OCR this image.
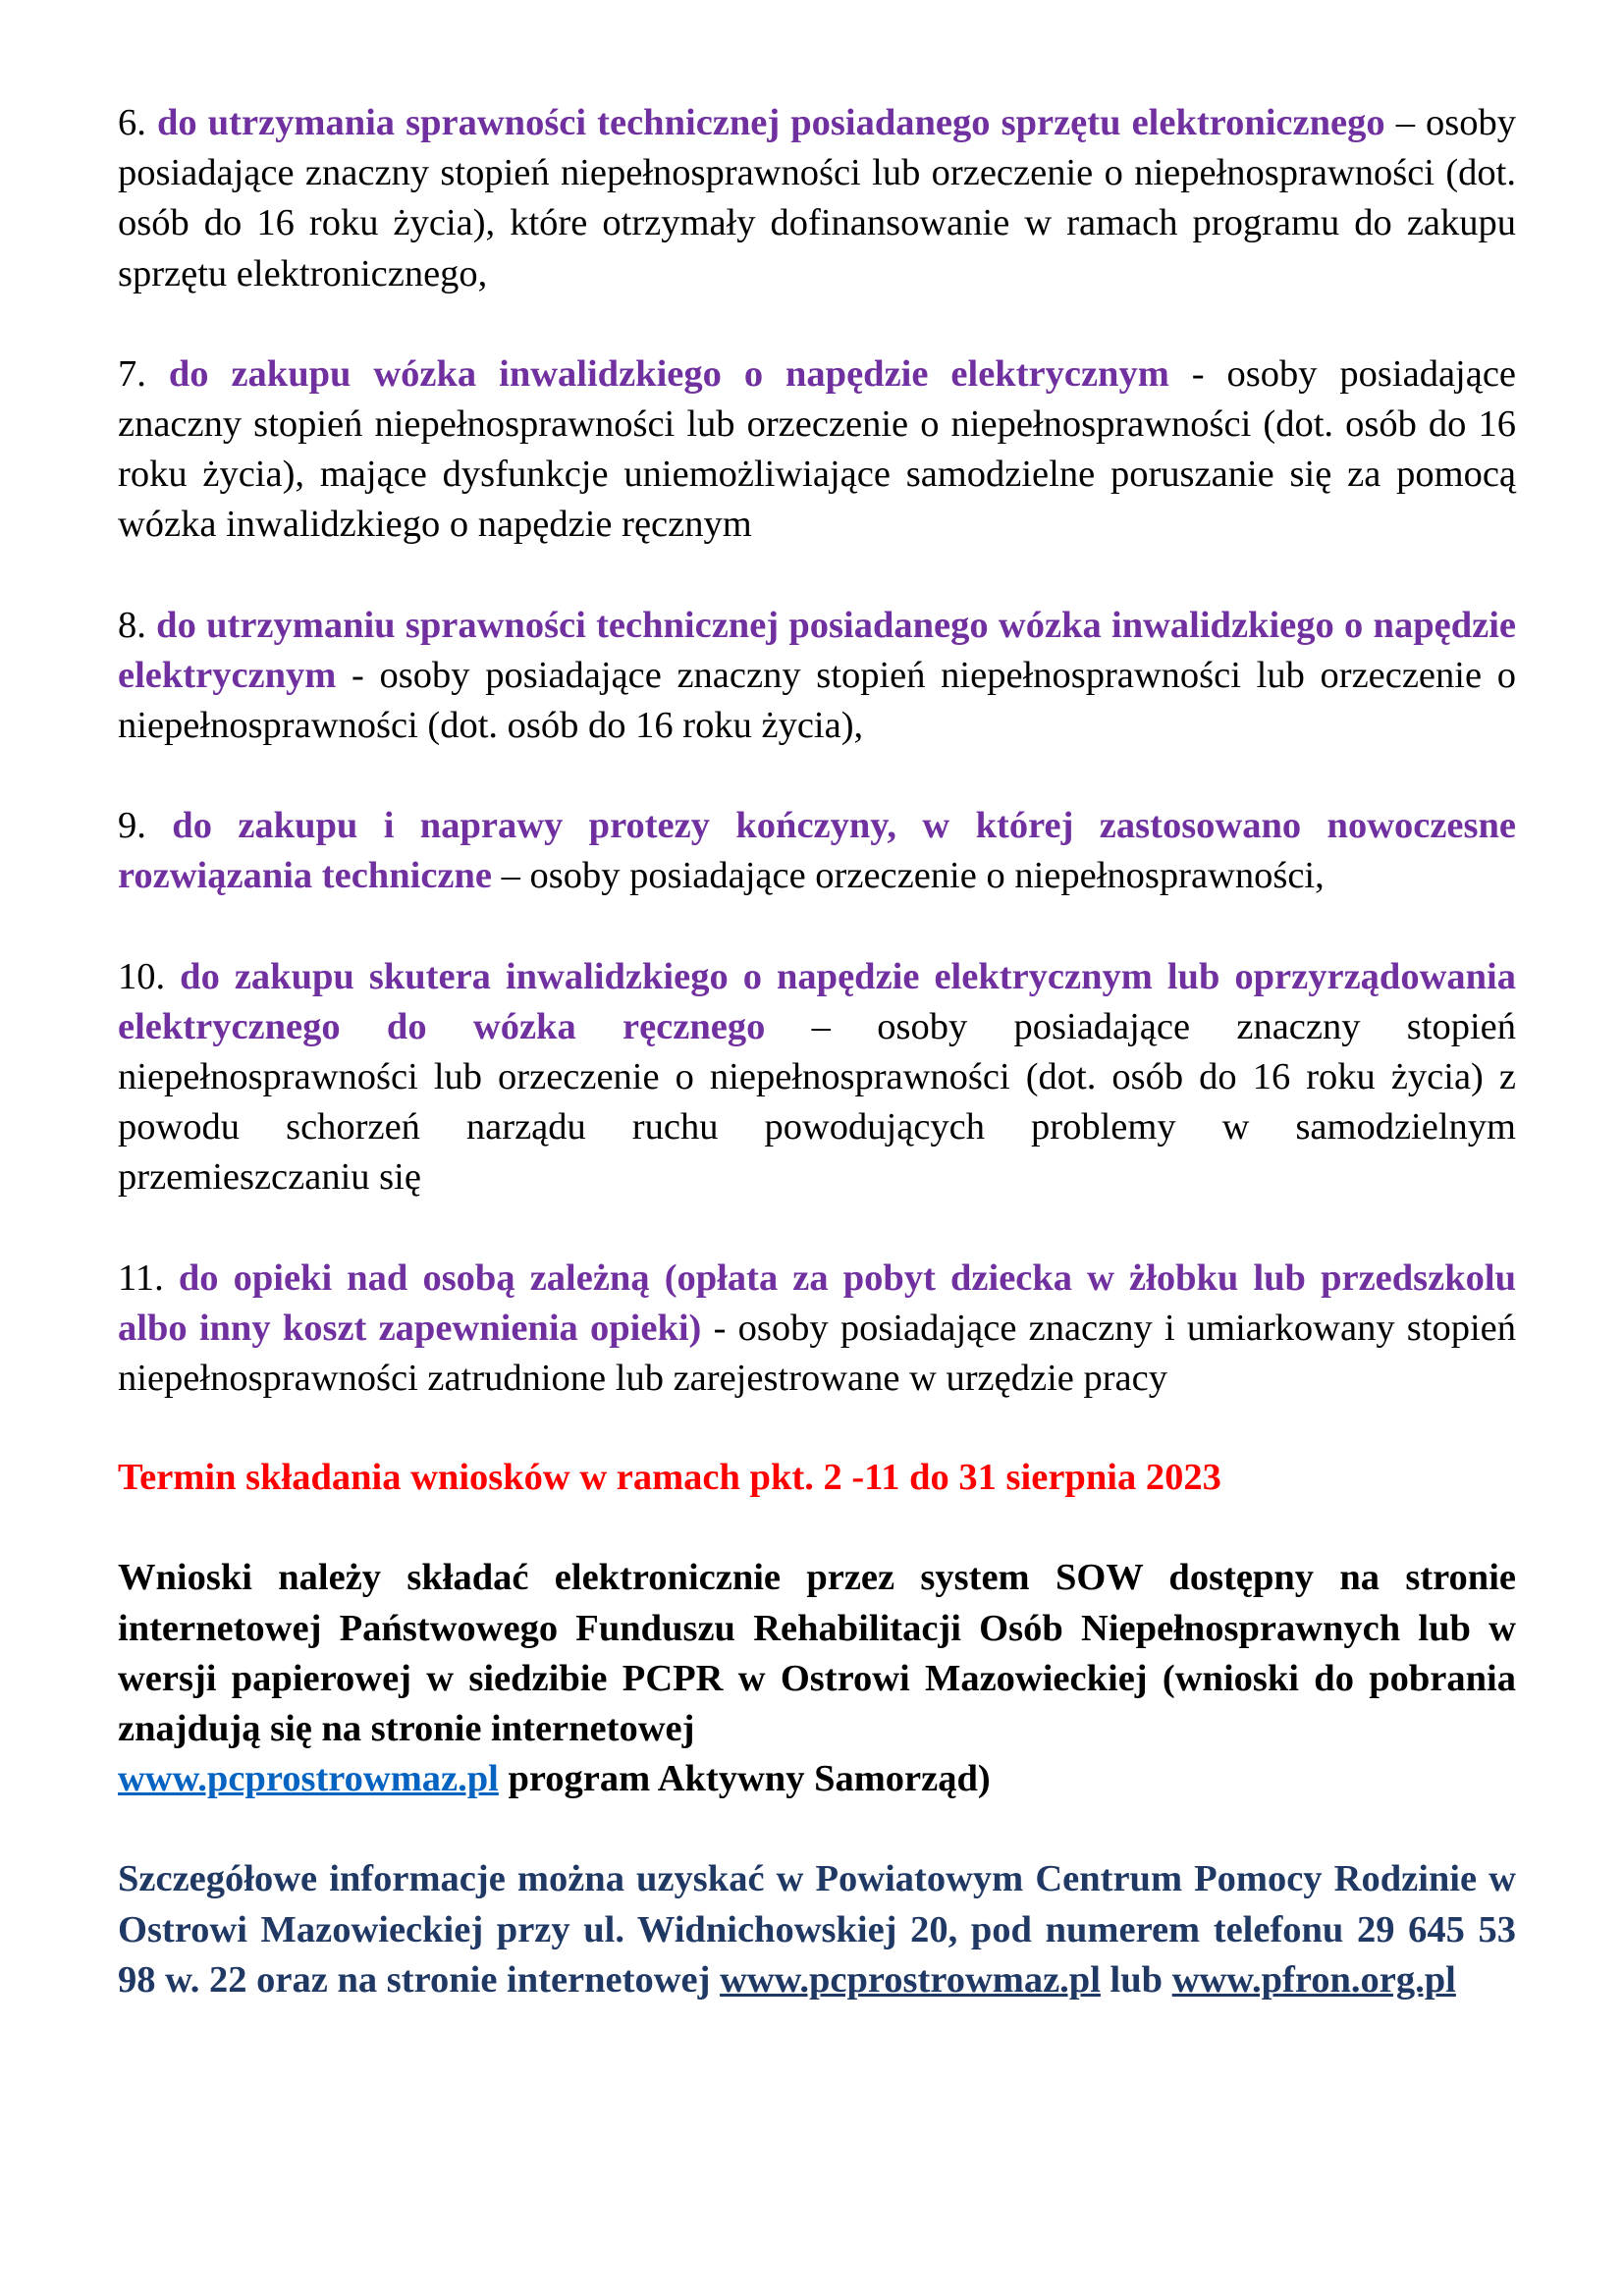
6. do utrzymania sprawności technicznej posiadanego sprzętu elektronicznego – osoby posiadające znaczny stopień niepełnosprawności lub orzeczenie o niepełnosprawności (dot. osób do 16 roku życia), które otrzymały dofinansowanie w ramach programu do zakupu sprzętu elektronicznego,

7. do zakupu wózka inwalidzkiego o napędzie elektrycznym - osoby posiadające znaczny stopień niepełnosprawności lub orzeczenie o niepełnosprawności (dot. osób do 16 roku życia), mające dysfunkcje uniemożliwiające samodzielne poruszanie się za pomocą wózka inwalidzkiego o napędzie ręcznym

8. do utrzymaniu sprawności technicznej posiadanego wózka inwalidzkiego o napędzie elektrycznym - osoby posiadające znaczny stopień niepełnosprawności lub orzeczenie o niepełnosprawności (dot. osób do 16 roku życia),

9. do zakupu i naprawy protezy kończyny, w której zastosowano nowoczesne rozwiązania techniczne – osoby posiadające orzeczenie o niepełnosprawności,

10. do zakupu skutera inwalidzkiego o napędzie elektrycznym lub oprzyrządowania elektrycznego do wózka ręcznego – osoby posiadające znaczny stopień niepełnosprawności lub orzeczenie o niepełnosprawności (dot. osób do 16 roku życia) z powodu schorzeń narządu ruchu powodujących problemy w samodzielnym przemieszczaniu się

11. do opieki nad osobą zależną (opłata za pobyt dziecka w żłobku lub przedszkolu albo inny koszt zapewnienia opieki) - osoby posiadające znaczny i umiarkowany stopień niepełnosprawności zatrudnione lub zarejestrowane w urzędzie pracy

Termin składania wniosków w ramach pkt. 2 -11 do 31 sierpnia 2023

Wnioski należy składać elektronicznie przez system SOW dostępny na stronie internetowej Państwowego Funduszu Rehabilitacji Osób Niepełnosprawnych lub w wersji papierowej w siedzibie PCPR w Ostrowi Mazowieckiej (wnioski do pobrania znajdują się na stronie internetowej
www.pcprostrowmaz.pl program Aktywny Samorząd)

Szczegółowe informacje można uzyskać w Powiatowym Centrum Pomocy Rodzinie w Ostrowi Mazowieckiej przy ul. Widnichowskiej 20, pod numerem telefonu 29 645 53 98 w. 22 oraz na stronie internetowej www.pcprostrowmaz.pl lub www.pfron.org.pl
